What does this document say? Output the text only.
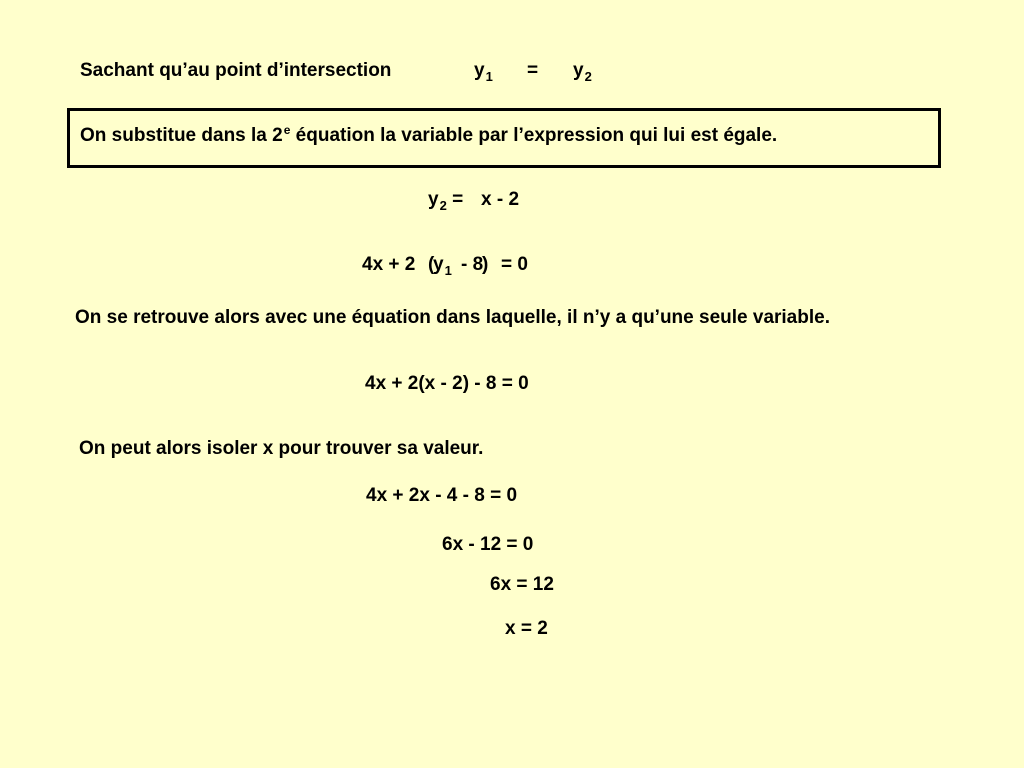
Sachant qu’au point d’intersection	$y_1 = y_2$
On substitue dans la 2e équation la variable par l’expression qui lui est égale.
$y_2 = x - 2$
4x + 2 (
$y_1 - 8$
) = 0
On se retrouve alors avec une équation dans laquelle, il n’y a qu’une seule variable.
4x + 2(x - 2) - 8 = 0
On peut alors isoler x pour trouver sa valeur.
4x + 2x - 4 - 8 = 0
6x - 12 = 0
6x = 12
x = 2
